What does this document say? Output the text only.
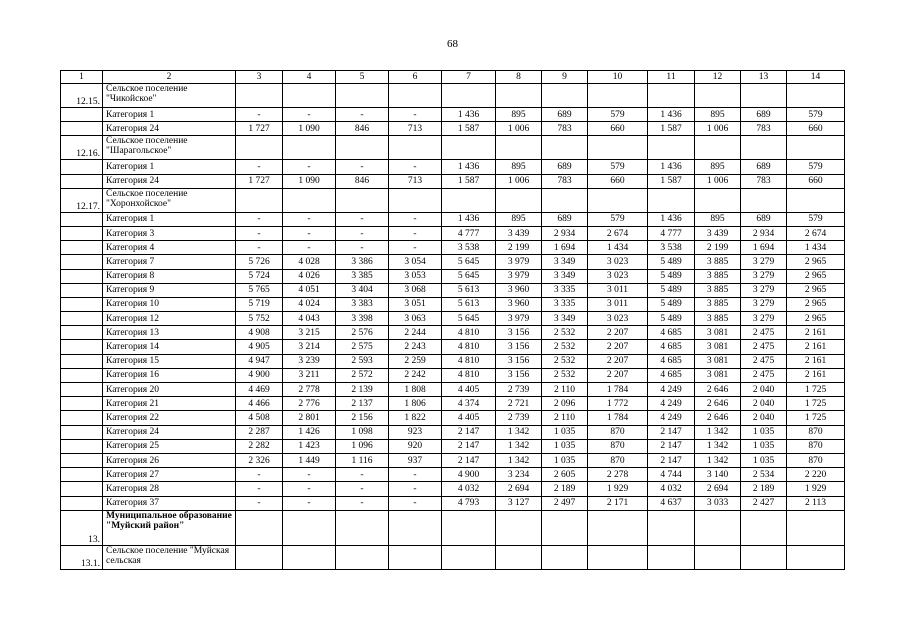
68
1	2	3	4	5	6	7	8	9	10	11	12	13	14
12.15.	Сельское поселение "Чикойское"												
	Категория 1	-	-	-	-	1 436	895	689	579	1 436	895	689	579
	Категория 24	1 727	1 090	846	713	1 587	1 006	783	660	1 587	1 006	783	660
12.16.	Сельское поселение "Шарагольское"												
	Категория 1	-	-	-	-	1 436	895	689	579	1 436	895	689	579
	Категория 24	1 727	1 090	846	713	1 587	1 006	783	660	1 587	1 006	783	660
12.17.	Сельское поселение "Хоронхойское"												
	Категория 1	-	-	-	-	1 436	895	689	579	1 436	895	689	579
	Категория 3	-	-	-	-	4 777	3 439	2 934	2 674	4 777	3 439	2 934	2 674
	Категория 4	-	-	-	-	3 538	2 199	1 694	1 434	3 538	2 199	1 694	1 434
	Категория 7	5 726	4 028	3 386	3 054	5 645	3 979	3 349	3 023	5 489	3 885	3 279	2 965
	Категория 8	5 724	4 026	3 385	3 053	5 645	3 979	3 349	3 023	5 489	3 885	3 279	2 965
	Категория 9	5 765	4 051	3 404	3 068	5 613	3 960	3 335	3 011	5 489	3 885	3 279	2 965
	Категория 10	5 719	4 024	3 383	3 051	5 613	3 960	3 335	3 011	5 489	3 885	3 279	2 965
	Категория 12	5 752	4 043	3 398	3 063	5 645	3 979	3 349	3 023	5 489	3 885	3 279	2 965
	Категория 13	4 908	3 215	2 576	2 244	4 810	3 156	2 532	2 207	4 685	3 081	2 475	2 161
	Категория 14	4 905	3 214	2 575	2 243	4 810	3 156	2 532	2 207	4 685	3 081	2 475	2 161
	Категория 15	4 947	3 239	2 593	2 259	4 810	3 156	2 532	2 207	4 685	3 081	2 475	2 161
	Категория 16	4 900	3 211	2 572	2 242	4 810	3 156	2 532	2 207	4 685	3 081	2 475	2 161
	Категория 20	4 469	2 778	2 139	1 808	4 405	2 739	2 110	1 784	4 249	2 646	2 040	1 725
	Категория 21	4 466	2 776	2 137	1 806	4 374	2 721	2 096	1 772	4 249	2 646	2 040	1 725
	Категория 22	4 508	2 801	2 156	1 822	4 405	2 739	2 110	1 784	4 249	2 646	2 040	1 725
	Категория 24	2 287	1 426	1 098	923	2 147	1 342	1 035	870	2 147	1 342	1 035	870
	Категория 25	2 282	1 423	1 096	920	2 147	1 342	1 035	870	2 147	1 342	1 035	870
	Категория 26	2 326	1 449	1 116	937	2 147	1 342	1 035	870	2 147	1 342	1 035	870
	Категория 27	-	-	-	-	4 900	3 234	2 605	2 278	4 744	3 140	2 534	2 220
	Категория 28	-	-	-	-	4 032	2 694	2 189	1 929	4 032	2 694	2 189	1 929
	Категория 37	-	-	-	-	4 793	3 127	2 497	2 171	4 637	3 033	2 427	2 113
13.	Муниципальное образование "Муйский район"												
13.1.	Сельское поселение "Муйская сельская												
